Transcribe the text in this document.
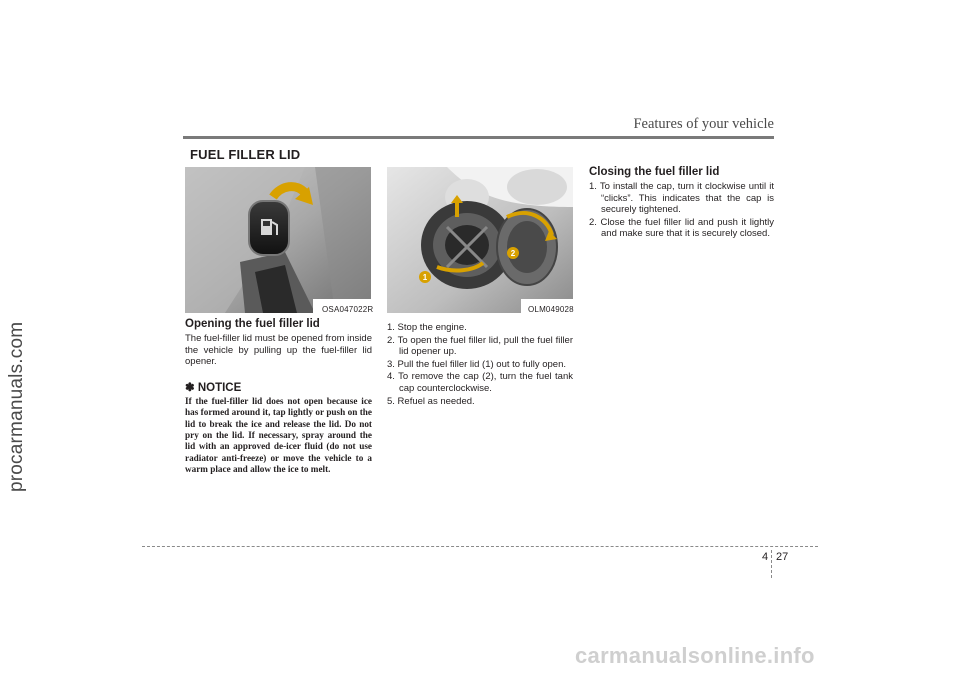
procarmanuals.com
Features of your vehicle
FUEL FILLER LID
OSA047022R
1
2
OLM049028
Opening the fuel filler lid
The fuel-filler lid must be opened from inside the vehicle by pulling up the fuel-filler lid opener.
✽ NOTICE
If the fuel-filler lid does not open because ice has formed around it, tap lightly or push on the lid to break the ice and release the lid. Do not pry on the lid. If necessary, spray around the lid with an approved de-icer fluid (do not use radiator anti-freeze) or move the vehicle to a warm place and allow the ice to melt.
1. Stop the engine.
2. To open the fuel filler lid, pull the fuel filler lid opener up.
3. Pull the fuel filler lid (1) out to fully open.
4. To remove the cap (2), turn the fuel tank cap counterclockwise.
5. Refuel as needed.
Closing the fuel filler lid
1. To install the cap, turn it clockwise until it “clicks”. This indicates that the cap is securely tightened.
2. Close the fuel filler lid and push it lightly and make sure that it is securely closed.
4 27
carmanualsonline.info
